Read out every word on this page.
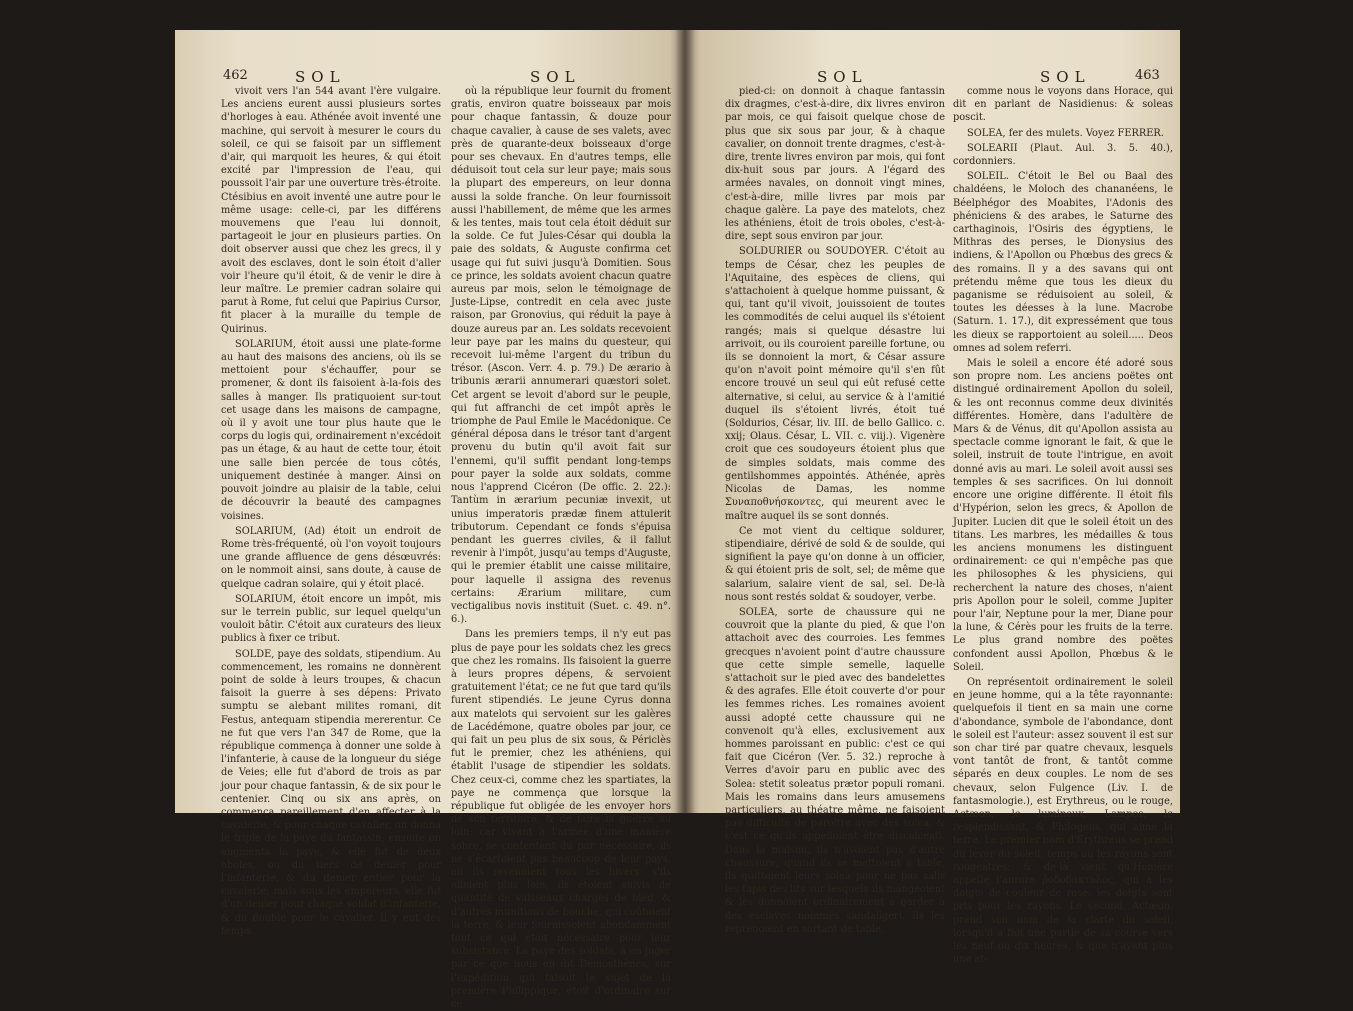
462	SOL	SOL

vivoit vers l'an 544 avant l'ère vulgaire. Les anciens eurent aussi plusieurs sortes d'horloges à eau. Athénée avoit inventé une machine, qui servoit à mesurer le cours du soleil, ce qui se faisoit par un sifflement d'air, qui marquoit les heures, & qui étoit excité par l'impression de l'eau, qui poussoit l'air par une ouverture très-étroite. Ctésibius en avoit inventé une autre pour le même usage: celle-ci, par les différens mouvemens que l'eau lui donnoit, partageoit le jour en plusieurs parties. On doit observer aussi que chez les grecs, il y avoit des esclaves, dont le soin étoit d'aller voir l'heure qu'il étoit, & de venir le dire à leur maître. Le premier cadran solaire qui parut à Rome, fut celui que Papirius Cursor, fit placer à la muraille du temple de Quirinus.

SOLARIUM, étoit aussi une plate-forme au haut des maisons des anciens, où ils se mettoient pour s'échauffer, pour se promener, & dont ils faisoient à-la-fois des salles à manger. Ils pratiquoient sur-tout cet usage dans les maisons de campagne, où il y avoit une tour plus haute que le corps du logis qui, ordinairement n'excédoit pas un étage, & au haut de cette tour, étoit une salle bien percée de tous côtés, uniquement destinée à manger. Ainsi on pouvoit joindre au plaisir de la table, celui de découvrir la beauté des campagnes voisines.

SOLARIUM, (Ad) étoit un endroit de Rome très-fréquenté, où l'on voyoit toujours une grande affluence de gens désœuvrés: on le nommoit ainsi, sans doute, à cause de quelque cadran solaire, qui y étoit placé.

SOLARIUM, étoit encore un impôt, mis sur le terrein public, sur lequel quelqu'un vouloit bâtir. C'étoit aux curateurs des lieux publics à fixer ce tribut.

SOLDE, paye des soldats, stipendium. Au commencement, les romains ne donnèrent point de solde à leurs troupes, & chacun faisoit la guerre à ses dépens: Privato sumptu se alebant milites romani, dit Festus, antequam stipendia mererentur. Ce ne fut que vers l'an 347 de Rome, que la république commença à donner une solde à l'infanterie, à cause de la longueur du siége de Veies; elle fut d'abord de trois as par jour pour chaque fantassin, & de six pour le centenier. Cinq ou six ans après, on commença pareillement d'en affecter à la cavalerie, & pour chaque cavalier, on donna le triple de la paye du fantassin; ensuite on augmenta la paye, & elle fut de deux oboles, ou du tiers de denier pour l'infanterie, & du denier entier pour la cavalerie; mais sous les empereurs, elle fut d'un denier pour chaque soldat d'infanterie, & du double pour le cavalier. Il y eut des temps

où la république leur fournit du froment gratis, environ quatre boisseaux par mois pour chaque fantassin, & douze pour chaque cavalier, à cause de ses valets, avec près de quarante-deux boisseaux d'orge pour ses chevaux. En d'autres temps, elle déduisoit tout cela sur leur paye; mais sous la plupart des empereurs, on leur donna aussi la solde franche. On leur fournissoit aussi l'habillement, de même que les armes & les tentes, mais tout cela étoit déduit sur la solde. Ce fut Jules-César qui doubla la paie des soldats, & Auguste confirma cet usage qui fut suivi jusqu'à Domitien. Sous ce prince, les soldats avoient chacun quatre aureus par mois, selon le témoignage de Juste-Lipse, contredit en cela avec juste raison, par Gronovius, qui réduit la paye à douze aureus par an. Les soldats recevoient leur paye par les mains du questeur, qui recevoit lui-même l'argent du tribun du trésor. (Ascon. Verr. 4. p. 79.) De ærario à tribunis ærarii annumerari quæstori solet. Cet argent se levoit d'abord sur le peuple, qui fut affranchi de cet impôt après le triomphe de Paul Emile le Macédonique. Ce général déposa dans le trésor tant d'argent provenu du butin qu'il avoit fait sur l'ennemi, qu'il suffit pendant long-temps pour payer la solde aux soldats, comme nous l'apprend Cicéron (De offic. 2. 22.): Tantùm in ærarium pecuniæ invexit, ut unius imperatoris prædæ finem attulerit tributorum. Cependant ce fonds s'épuisa pendant les guerres civiles, & il fallut revenir à l'impôt, jusqu'au temps d'Auguste, qui le premier établit une caisse militaire, pour laquelle il assigna des revenus certains: Ærarium militare, cum vectigalibus novis instituit (Suet. c. 49. n°. 6.).

Dans les premiers temps, il n'y eut pas plus de paye pour les soldats chez les grecs que chez les romains. Ils faisoient la guerre à leurs propres dépens, & servoient gratuitement l'état; ce ne fut que tard qu'ils furent stipendiés. Le jeune Cyrus donna aux matelots qui servoient sur les galères de Lacédémone, quatre oboles par jour, ce qui fait un peu plus de six sous, & Périclès fut le premier, chez les athéniens, qui établit l'usage de stipendier les soldats. Chez ceux-ci, comme chez les spartiates, la paye ne commença que lorsque la république fut obligée de les envoyer hors de son territoire, & de faire la guerre au loin; car vivant à l'armée d'une manière sobre, se contentant du pur nécessaire, ils ne s'écartoient pas beaucoup de leur pays, où ils revenoient tous les hivers: s'ils alloient plus loin, ils étoient suivis de quantité de vaisseaux chargés de bled, & d'autres munitions de bouche, qui coûtoient la terre, & leur fournissoient abondamment tout ce qui étoit nécessaire pour leur subsistance. La paye des soldats, à en juger par ce que nous en dit Démosthènes, sur l'expédition qui faisoit le sujet de la première Philippique, étoit d'ordinaire sur ce

SOL	SOL	463

pied-ci: on donnoit à chaque fantassin dix dragmes, c'est-à-dire, dix livres environ par mois, ce qui faisoit quelque chose de plus que six sous par jour, & à chaque cavalier, on donnoit trente dragmes, c'est-à-dire, trente livres environ par mois, qui font dix-huit sous par jours. A l'égard des armées navales, on donnoit vingt mines, c'est-à-dire, mille livres par mois par chaque galère. La paye des matelots, chez les athéniens, étoit de trois oboles, c'est-à-dire, sept sous environ par jour.

SOLDURIER ou SOUDOYER. C'étoit au temps de César, chez les peuples de l'Aquitaine, des espèces de cliens, qui s'attachoient à quelque homme puissant, & qui, tant qu'il vivoit, jouissoient de toutes les commodités de celui auquel ils s'étoient rangés; mais si quelque désastre lui arrivoit, ou ils couroient pareille fortune, ou ils se donnoient la mort, & César assure qu'on n'avoit point mémoire qu'il s'en fût encore trouvé un seul qui eût refusé cette alternative, si celui, au service & à l'amitié duquel ils s'étoient livrés, étoit tué (Soldurios, César, liv. III. de bello Gallico. c. xxij; Olaus. César, L. VII. c. viij.). Vigenère croit que ces soudoyeurs étoient plus que de simples soldats, mais comme des gentilshommes appointés. Athénée, après Nicolas de Damas, les nomme Συναποθνήσκοντες, qui meurent avec le maître auquel ils se sont donnés.

Ce mot vient du celtique soldurer, stipendiaire, dérivé de sold & de soulde, qui signifient la paye qu'on donne à un officier, & qui étoient pris de solt, sel; de même que salarium, salaire vient de sal, sel. De-là nous sont restés soldat & soudoyer, verbe.

SOLEA, sorte de chaussure qui ne couvroit que la plante du pied, & que l'on attachoit avec des courroies. Les femmes grecques n'avoient point d'autre chaussure que cette simple semelle, laquelle s'attachoit sur le pied avec des bandelettes & des agrafes. Elle étoit couverte d'or pour les femmes riches. Les romaines avoient aussi adopté cette chaussure qui ne convenoit qu'à elles, exclusivement aux hommes paroissant en public: c'est ce qui fait que Cicéron (Ver. 5. 32.) reproche à Verres d'avoir paru en public avec des Solea: stetit soleatus prætor populi romani. Mais les romains dans leurs amusemens particuliers, au théatre même, ne faisoient pas difficulté de paroître avec des solea, & c'est ce qu'ils appelloient être discalceati. Dans la maison, ils n'avoient pas d'autre chaussure; quand ils se mettoient à table, ils quittoient leurs solea pour ne pas salir les tapis des lits sur lesquels ils mangeoient & les donnoient ordinairement à garder à des esclaves nommés sandaligeri. Ils les reprenoient en sortant de table,

comme nous le voyons dans Horace, qui dit en parlant de Nasidienus: & soleas poscit.

SOLEA, fer des mulets. Voyez FERRER.

SOLEARII (Plaut. Aul. 3. 5. 40.), cordonniers.

SOLEIL. C'étoit le Bel ou Baal des chaldéens, le Moloch des chananéens, le Béelphégor des Moabites, l'Adonis des phéniciens & des arabes, le Saturne des carthaginois, l'Osiris des égyptiens, le Mithras des perses, le Dionysius des indiens, & l'Apollon ou Phœbus des grecs & des romains. Il y a des savans qui ont prétendu même que tous les dieux du paganisme se réduisoient au soleil, & toutes les déesses à la lune. Macrobe (Saturn. 1. 17.), dit expressément que tous les dieux se rapportoient au soleil..... Deos omnes ad solem referri.

Mais le soleil a encore été adoré sous son propre nom. Les anciens poëtes ont distingué ordinairement Apollon du soleil, & les ont reconnus comme deux divinités différentes. Homère, dans l'adultère de Mars & de Vénus, dit qu'Apollon assista au spectacle comme ignorant le fait, & que le soleil, instruit de toute l'intrigue, en avoit donné avis au mari. Le soleil avoit aussi ses temples & ses sacrifices. On lui donnoit encore une origine différente. Il étoit fils d'Hypérion, selon les grecs, & Apollon de Jupiter. Lucien dit que le soleil étoit un des titans. Les marbres, les médailles & tous les anciens monumens les distinguent ordinairement: ce qui n'empêche pas que les philosophes & les physiciens, qui recherchent la nature des choses, n'aient pris Apollon pour le soleil, comme Jupiter pour l'air, Neptune pour la mer, Diane pour la lune, & Cérès pour les fruits de la terre. Le plus grand nombre des poëtes confondent aussi Apollon, Phœbus & le Soleil.

On représentoit ordinairement le soleil en jeune homme, qui a la tête rayonnante: quelquefois il tient en sa main une corne d'abondance, symbole de l'abondance, dont le soleil est l'auteur: assez souvent il est sur son char tiré par quatre chevaux, lesquels vont tantôt de front, & tantôt comme séparés en deux couples. Le nom de ses chevaux, selon Fulgence (Liv. I. de fantasmologie.), est Erythreus, ou le rouge, Actæon, le lumineux, Lampos, le resplendissant, & Philogeus, qui aime la terre. Le premier nom d'Erythreus se prend du lever du soleil, temps où les rayons sont rougeatres; & de-là vient qu'Homère appelle l'aurore ῥοδοδάκτυλος, qui a les doigts de couleur de rose: les doigts sont pris pour les rayons. Le second, Actæon, prend son nom de la clarté du soleil, lorsqu'il a fait une partie de sa course vers les neuf ou dix heures, & que n'ayant plus une at-
